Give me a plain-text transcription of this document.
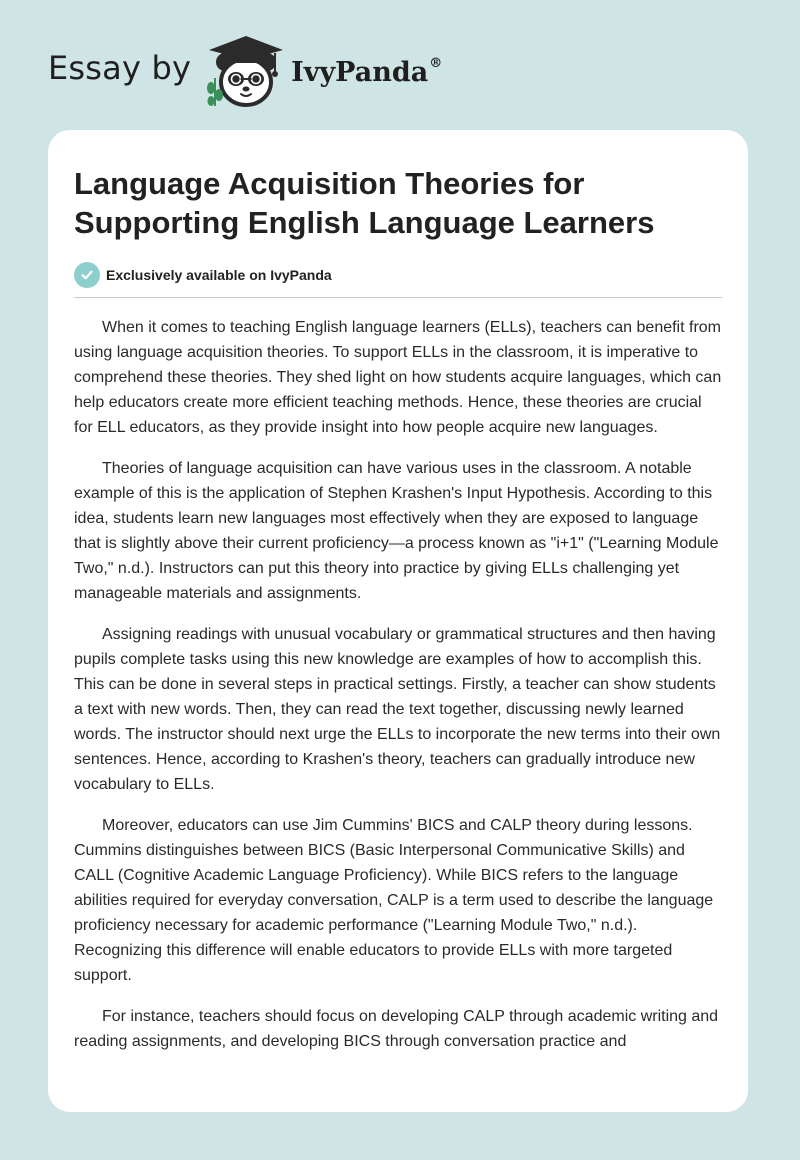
Essay by	IvyPanda®
Language Acquisition Theories for Supporting English Language Learners
Exclusively available on IvyPanda

When it comes to teaching English language learners (ELLs), teachers can benefit from using language acquisition theories. To support ELLs in the classroom, it is imperative to comprehend these theories. They shed light on how students acquire languages, which can help educators create more efficient teaching methods. Hence, these theories are crucial for ELL educators, as they provide insight into how people acquire new languages.

Theories of language acquisition can have various uses in the classroom. A notable example of this is the application of Stephen Krashen's Input Hypothesis. According to this idea, students learn new languages most effectively when they are exposed to language that is slightly above their current proficiency—a process known as "i+1" ("Learning Module Two," n.d.). Instructors can put this theory into practice by giving ELLs challenging yet manageable materials and assignments.

Assigning readings with unusual vocabulary or grammatical structures and then having pupils complete tasks using this new knowledge are examples of how to accomplish this. This can be done in several steps in practical settings. Firstly, a teacher can show students a text with new words. Then, they can read the text together, discussing newly learned words. The instructor should next urge the ELLs to incorporate the new terms into their own sentences. Hence, according to Krashen's theory, teachers can gradually introduce new vocabulary to ELLs.

Moreover, educators can use Jim Cummins' BICS and CALP theory during lessons. Cummins distinguishes between BICS (Basic Interpersonal Communicative Skills) and CALL (Cognitive Academic Language Proficiency). While BICS refers to the language abilities required for everyday conversation, CALP is a term used to describe the language proficiency necessary for academic performance ("Learning Module Two," n.d.). Recognizing this difference will enable educators to provide ELLs with more targeted support.

For instance, teachers should focus on developing CALP through academic writing and reading assignments, and developing BICS through conversation practice and
